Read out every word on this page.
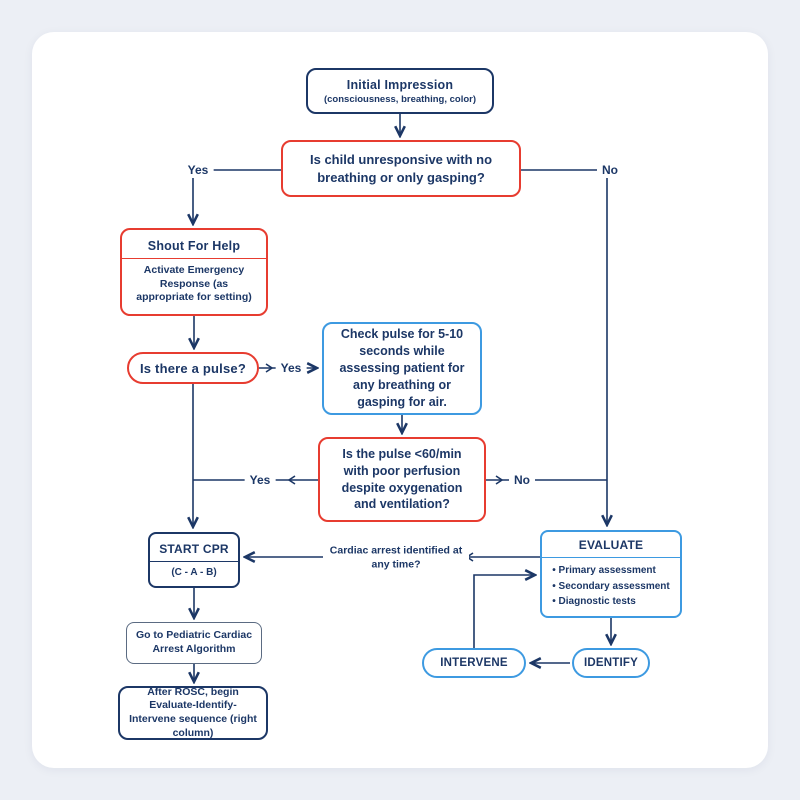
Initial Impression
(consciousness, breathing, color)
Is child unresponsive with no breathing or only gasping?
Shout For Help
Activate Emergency Response (as appropriate for setting)
Is there a pulse?
Check pulse for 5-10 seconds while assessing patient for any breathing or gasping for air.
Is the pulse <60/min with poor perfusion despite oxygenation and ventilation?
START CPR
(C - A - B)
EVALUATE
• Primary assessment
• Secondary assessment
• Diagnostic tests
IDENTIFY
INTERVENE
Go to Pediatric Cardiac Arrest Algorithm
After ROSC, begin Evaluate-Identify-Intervene sequence (right column)
Yes	No
Yes
Yes	No
Cardiac arrest identified at any time?
